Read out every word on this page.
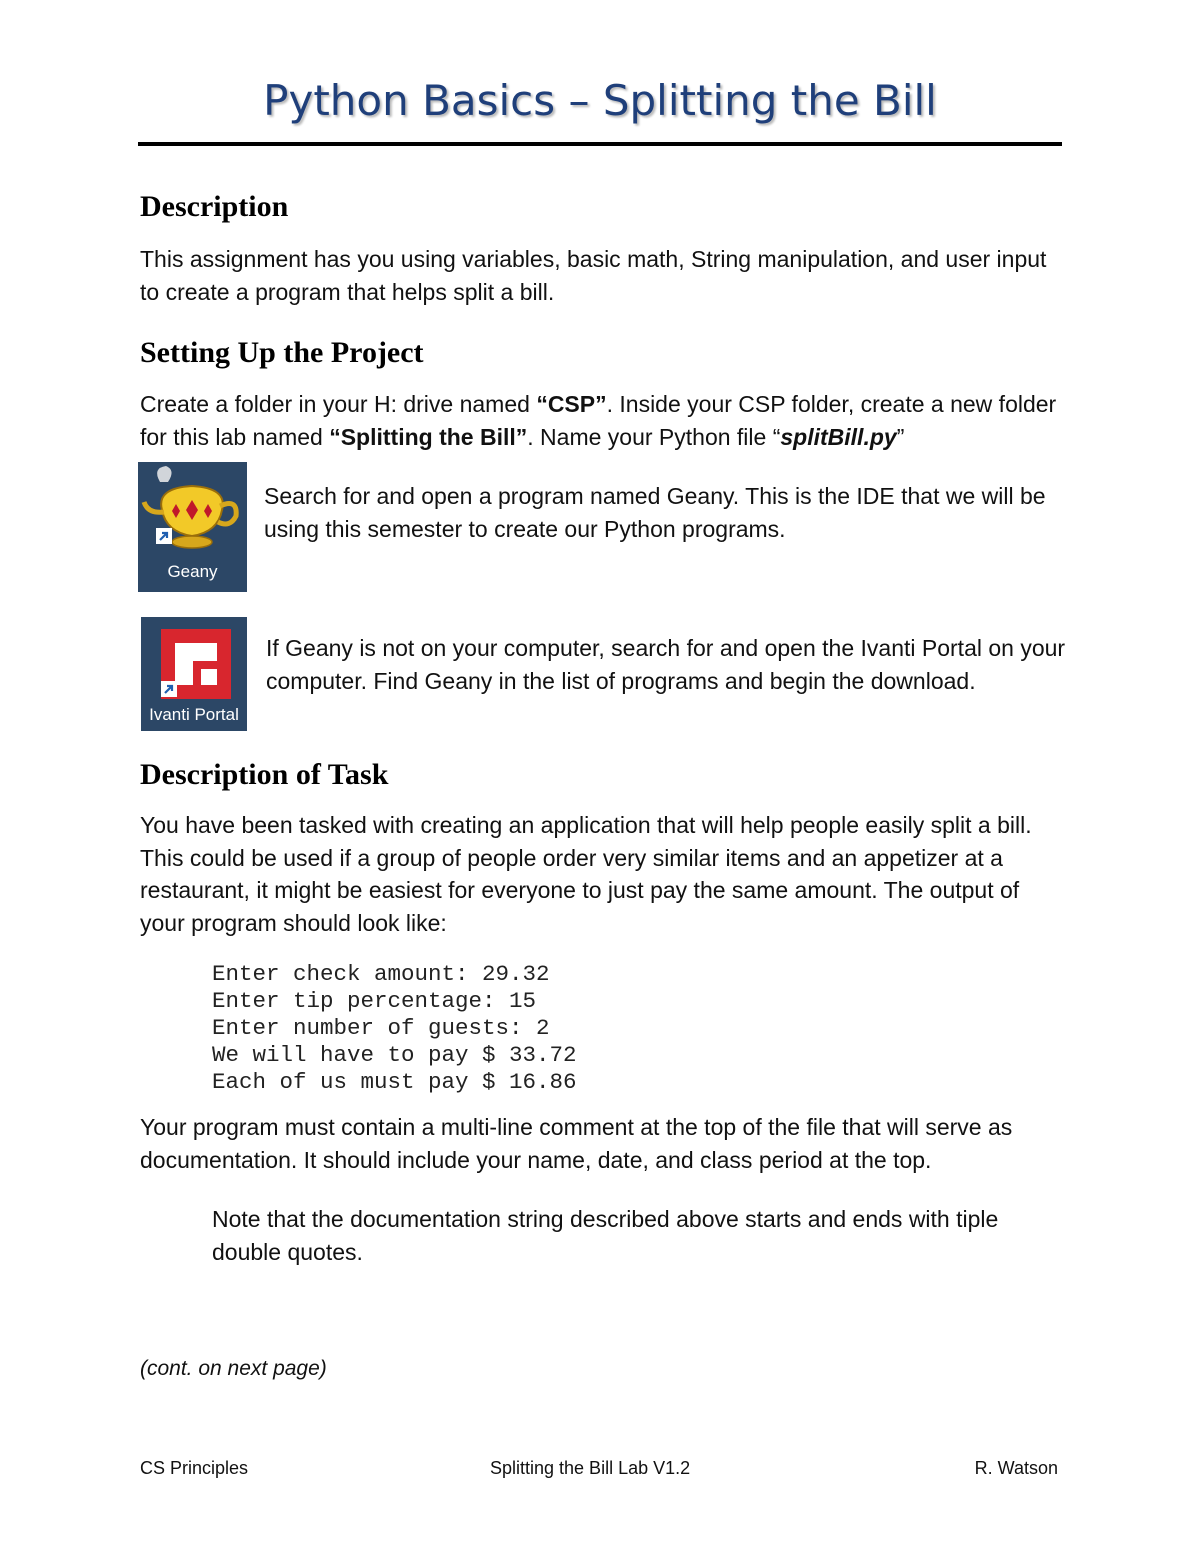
Python Basics – Splitting the Bill
Description

This assignment has you using variables, basic math, String manipulation, and user input to create a program that helps split a bill.

Setting Up the Project

Create a folder in your H: drive named “CSP”. Inside your CSP folder, create a new folder for this lab named “Splitting the Bill”. Name your Python file “splitBill.py”

Geany

Search for and open a program named Geany. This is the IDE that we will be using this semester to create our Python programs.

Ivanti Portal

If Geany is not on your computer, search for and open the Ivanti Portal on your computer. Find Geany in the list of programs and begin the download.

Description of Task

You have been tasked with creating an application that will help people easily split a bill. This could be used if a group of people order very similar items and an appetizer at a restaurant, it might be easiest for everyone to just pay the same amount. The output of your program should look like:

Enter check amount: 29.32
Enter tip percentage: 15
Enter number of guests: 2
We will have to pay $ 33.72
Each of us must pay $ 16.86

Your program must contain a multi-line comment at the top of the file that will serve as documentation. It should include your name, date, and class period at the top.

Note that the documentation string described above starts and ends with tiple double quotes.

(cont. on next page)

CS Principles	Splitting the Bill Lab V1.2	R. Watson
